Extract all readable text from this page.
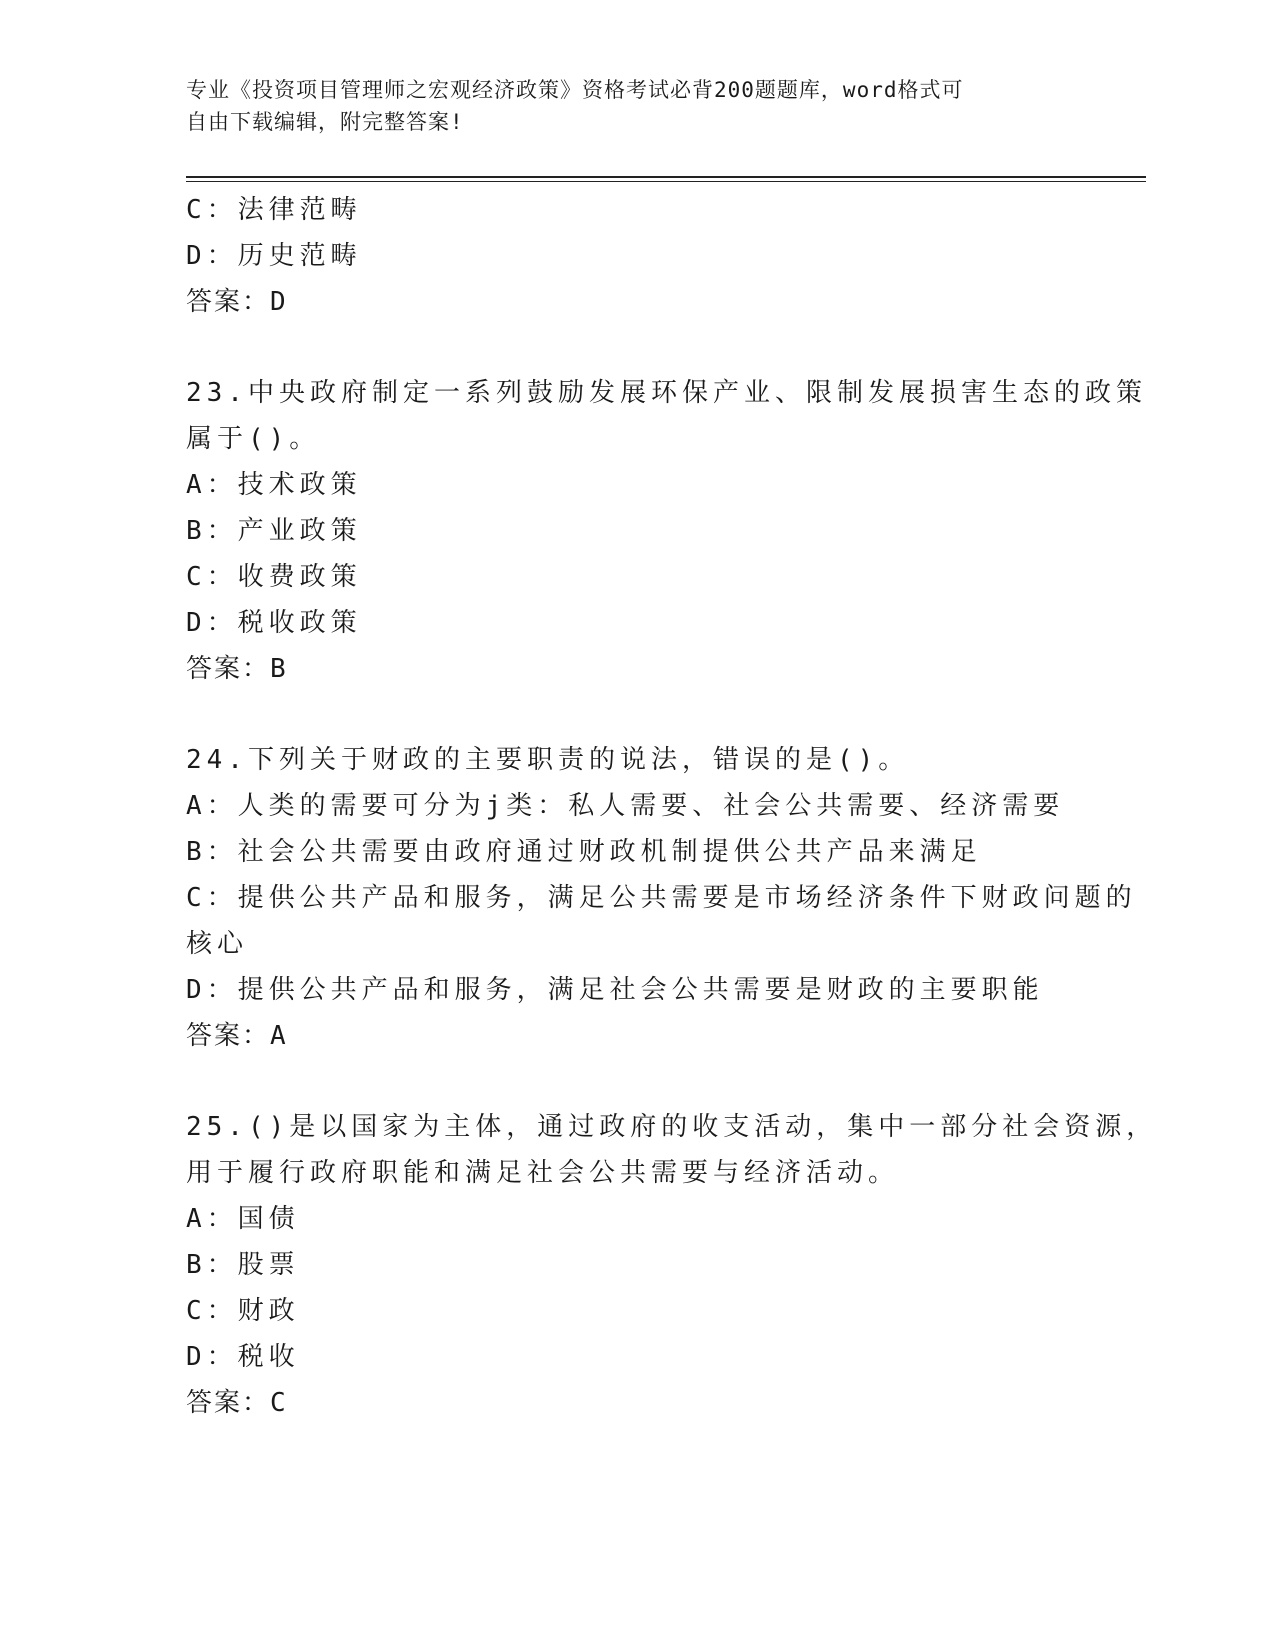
专业《投资项目管理师之宏观经济政策》资格考试必背200题题库，word格式可
自由下载编辑，附完整答案!
C：法律范畴
D：历史范畴
答案：D
23.中央政府制定一系列鼓励发展环保产业、限制发展损害生态的政策
属于()。
A：技术政策
B：产业政策
C：收费政策
D：税收政策
答案：B
24.下列关于财政的主要职责的说法，错误的是()。
A：人类的需要可分为j类：私人需要、社会公共需要、经济需要
B：社会公共需要由政府通过财政机制提供公共产品来满足
C：提供公共产品和服务，满足公共需要是市场经济条件下财政问题的
核心
D：提供公共产品和服务，满足社会公共需要是财政的主要职能
答案：A
25.()是以国家为主体，通过政府的收支活动，集中一部分社会资源，
用于履行政府职能和满足社会公共需要与经济活动。
A：国债
B：股票
C：财政
D：税收
答案：C
